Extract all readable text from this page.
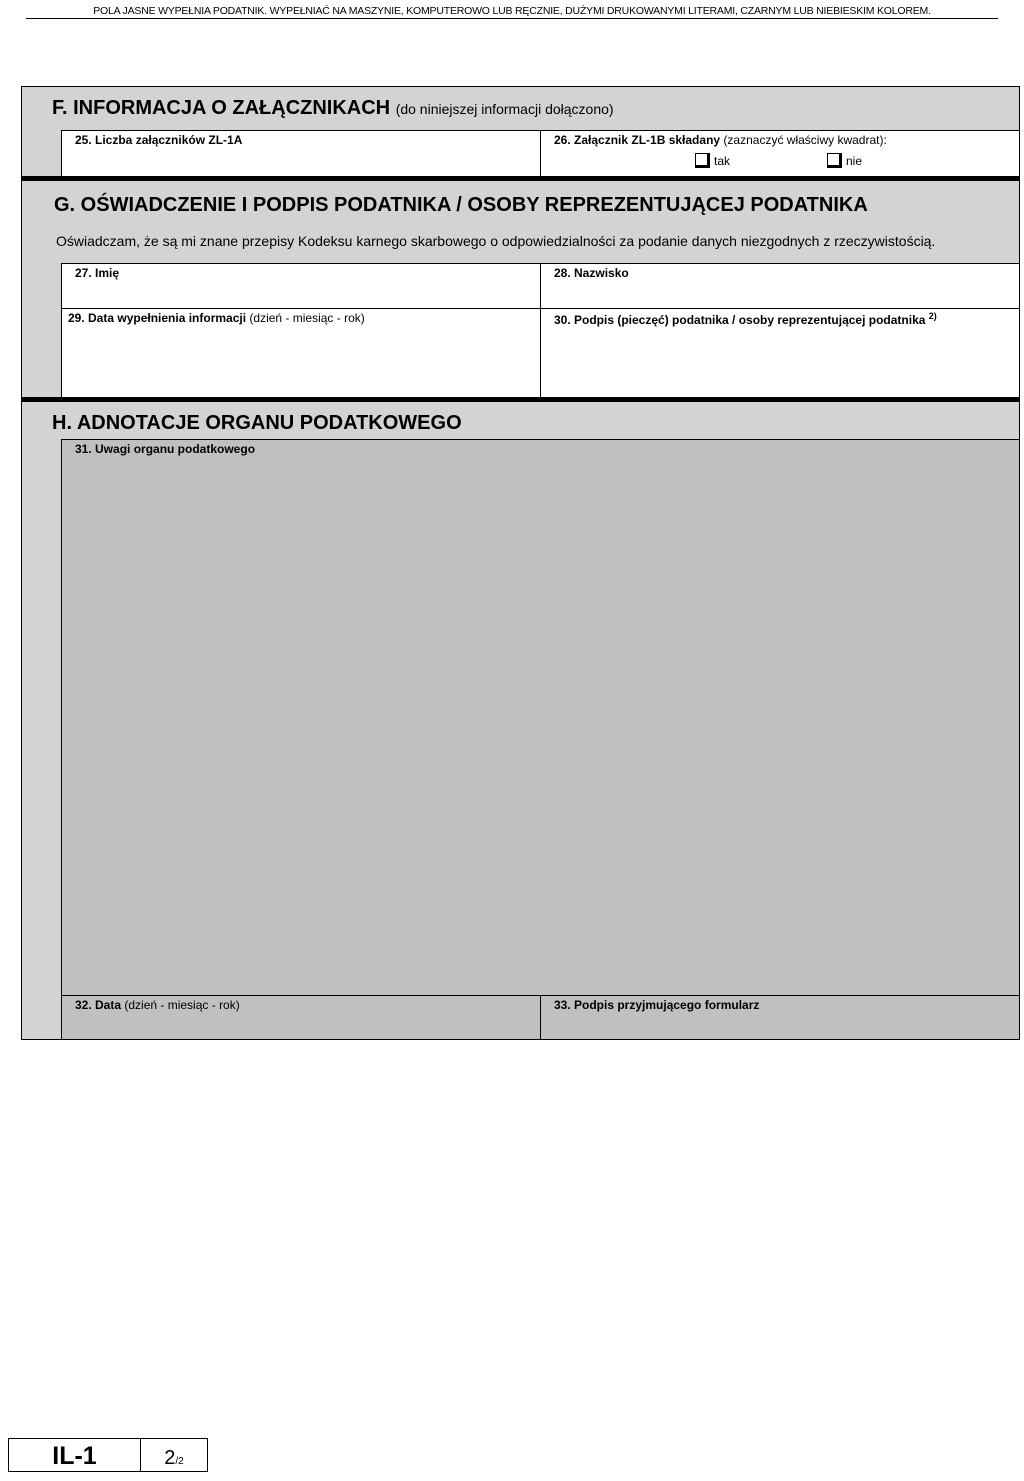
POLA JASNE WYPEŁNIA PODATNIK. WYPEŁNIAĆ NA MASZYNIE, KOMPUTEROWO LUB RĘCZNIE, DUŻYMI DRUKOWANYMI LITERAMI, CZARNYM LUB NIEBIESKIM KOLOREM.
F. INFORMACJA O ZAŁĄCZNIKACH (do niniejszej informacji dołączono)
25. Liczba załączników ZL-1A	26. Załącznik ZL-1B składany (zaznaczyć właściwy kwadrat):
tak	nie
G. OŚWIADCZENIE I PODPIS PODATNIKA / OSOBY REPREZENTUJĄCEJ PODATNIKA
Oświadczam, że są mi znane przepisy Kodeksu karnego skarbowego o odpowiedzialności za podanie danych niezgodnych z rzeczywistością.
27. Imię	28. Nazwisko
29. Data wypełnienia informacji (dzień - miesiąc - rok)	30. Podpis (pieczęć) podatnika / osoby reprezentującej podatnika $^{2)}$
H. ADNOTACJE ORGANU PODATKOWEGO
31. Uwagi organu podatkowego
32. Data (dzień - miesiąc - rok)	33. Podpis przyjmującego formularz
IL-1	2/2
